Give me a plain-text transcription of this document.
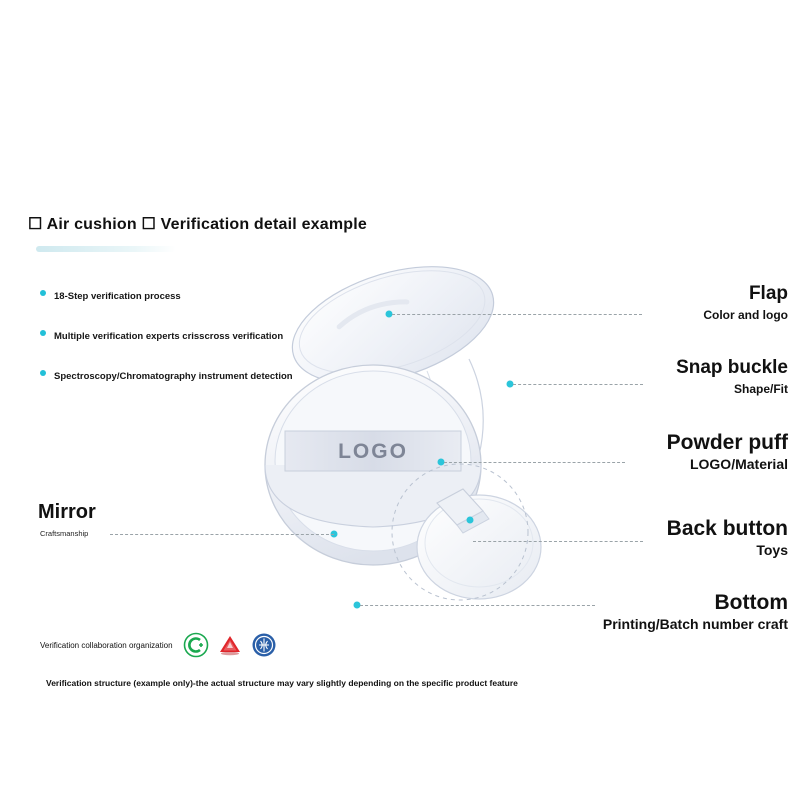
☐ Air cushion ☐ Verification detail example
18-Step verification process
Multiple verification experts crisscross verification
Spectroscopy/Chromatography instrument detection
LOGO
Flap
Color and logo
Snap buckle
Shape/Fit
Powder puff
LOGO/Material
Back button
Toys
Bottom
Printing/Batch number craft
Mirror
Craftsmanship
Verification collaboration organization
Verification structure (example only)-the actual structure may vary slightly depending on the specific product feature
